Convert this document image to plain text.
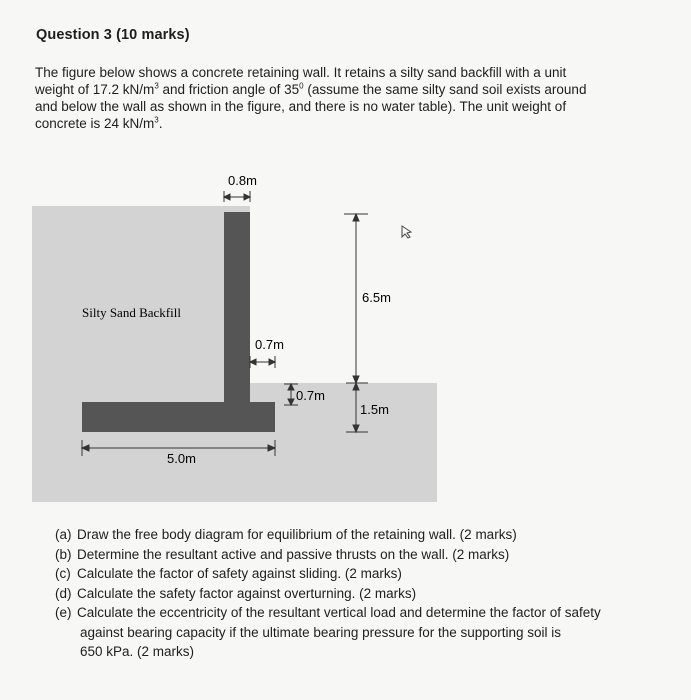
Question 3 (10 marks)
The figure below shows a concrete retaining wall. It retains a silty sand backfill with a unit
weight of 17.2 $kN/m^3$ and friction angle of $35^0$ (assume the same silty sand soil exists around
and below the wall as shown in the figure, and there is no water table). The unit weight of
concrete is 24 $kN/m^3$.
Silty Sand Backfill
0.8m
6.5m
1.5m
0.7m
0.7m
5.0m
(a) Draw the free body diagram for equilibrium of the retaining wall. (2 marks)
(b) Determine the resultant active and passive thrusts on the wall. (2 marks)
(c) Calculate the factor of safety against sliding. (2 marks)
(d) Calculate the safety factor against overturning. (2 marks)
(e) Calculate the eccentricity of the resultant vertical load and determine the factor of safety
against bearing capacity if the ultimate bearing pressure for the supporting soil is
650 kPa. (2 marks)
